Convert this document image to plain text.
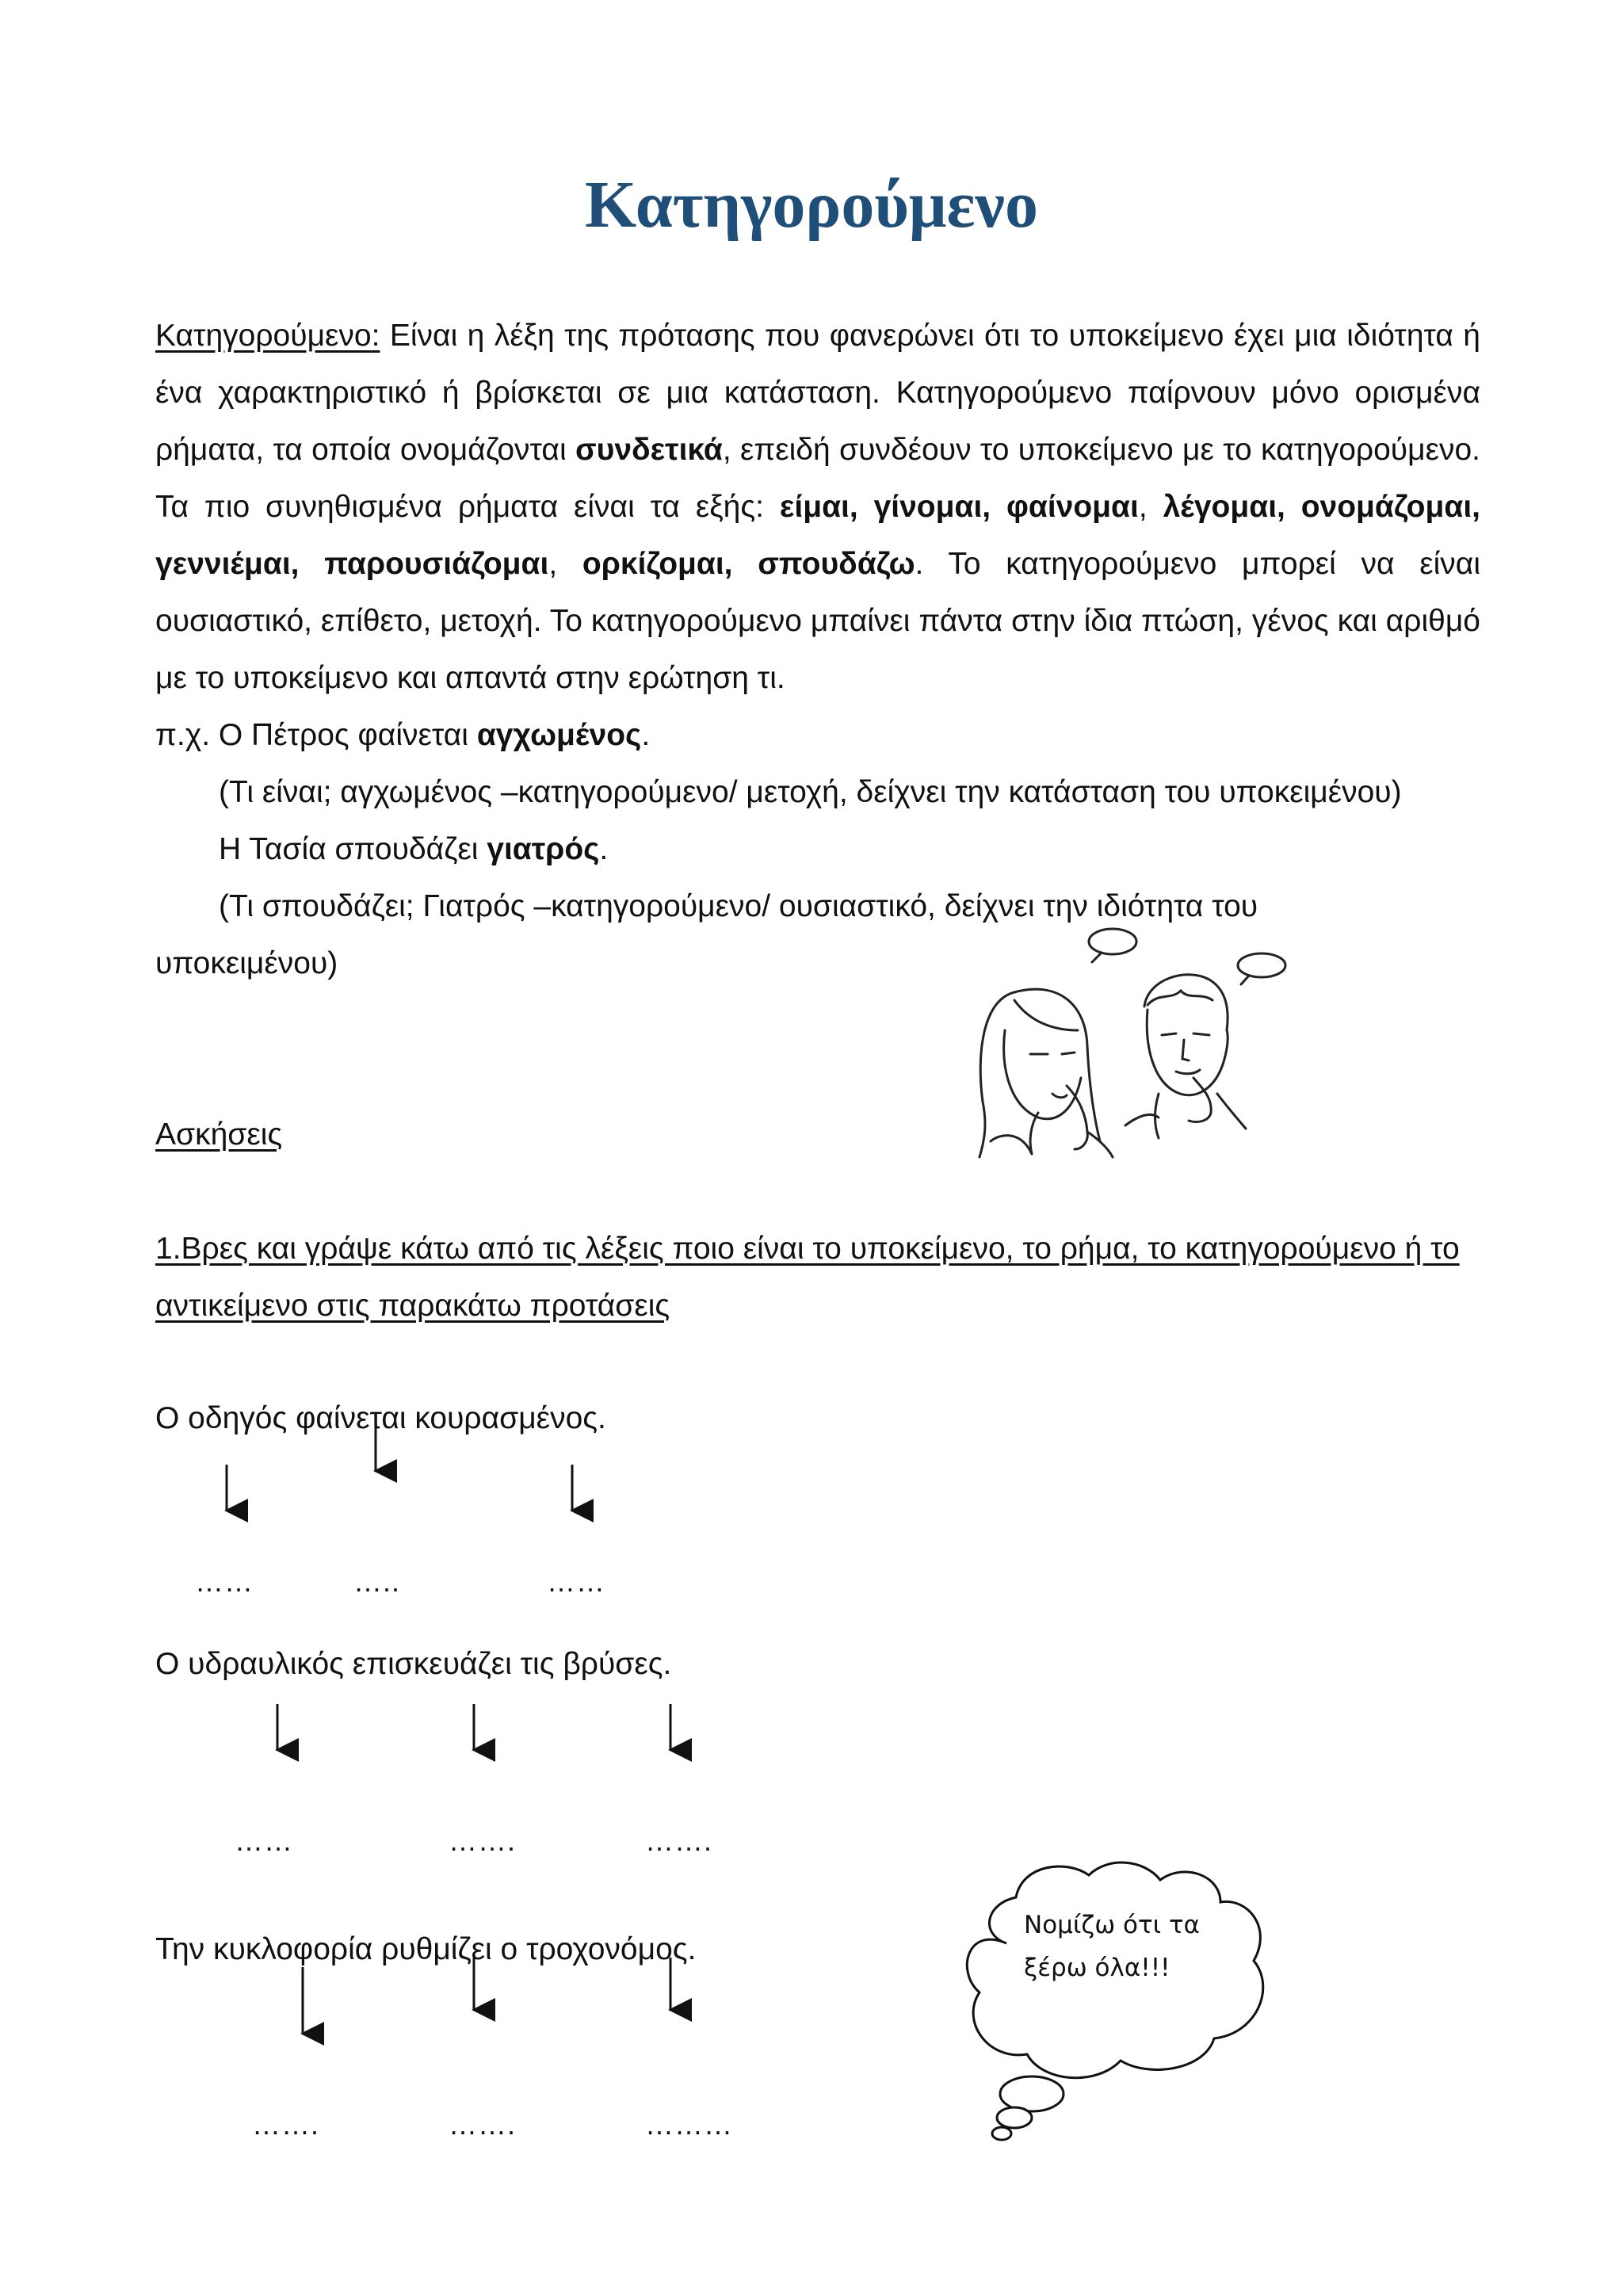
Κατηγορούμενο
Κατηγορούμενο: Είναι η λέξη της πρότασης που φανερώνει ότι το υποκείμενο έχει μια ιδιότητα ή ένα χαρακτηριστικό ή βρίσκεται σε μια κατάσταση. Κατηγορούμενο παίρνουν μόνο ορισμένα ρήματα, τα οποία ονομάζονται συνδετικά, επειδή συνδέουν το υποκείμενο με το κατηγορούμενο. Τα πιο συνηθισμένα ρήματα είναι τα εξής: είμαι, γίνομαι, φαίνομαι, λέγομαι, ονομάζομαι, γεννιέμαι, παρουσιάζομαι, ορκίζομαι, σπουδάζω. Το κατηγορούμενο μπορεί να είναι ουσιαστικό, επίθετο, μετοχή. Το κατηγορούμενο μπαίνει πάντα στην ίδια πτώση, γένος και αριθμό με το υποκείμενο και απαντά στην ερώτηση τι.
π.χ. Ο Πέτρος φαίνεται αγχωμένος.
(Τι είναι; αγχωμένος –κατηγορούμενο/ μετοχή, δείχνει την κατάσταση του υποκειμένου)
Η Τασία σπουδάζει γιατρός.
(Τι σπουδάζει; Γιατρός –κατηγορούμενο/ ουσιαστικό, δείχνει την ιδιότητα του
υποκειμένου)
Ασκήσεις
1.Βρες και γράψε κάτω από τις λέξεις ποιο είναι το υποκείμενο, το ρήμα, το κατηγορούμενο ή το αντικείμενο στις παρακάτω προτάσεις
Ο οδηγός φαίνεται κουρασμένος.
……	…..	……
Ο υδραυλικός επισκευάζει τις βρύσες.
……	…….	…….
Την κυκλοφορία ρυθμίζει ο τροχονόμος.
…….	…….	………
Νομίζω ότι τα
ξέρω όλα!!!
